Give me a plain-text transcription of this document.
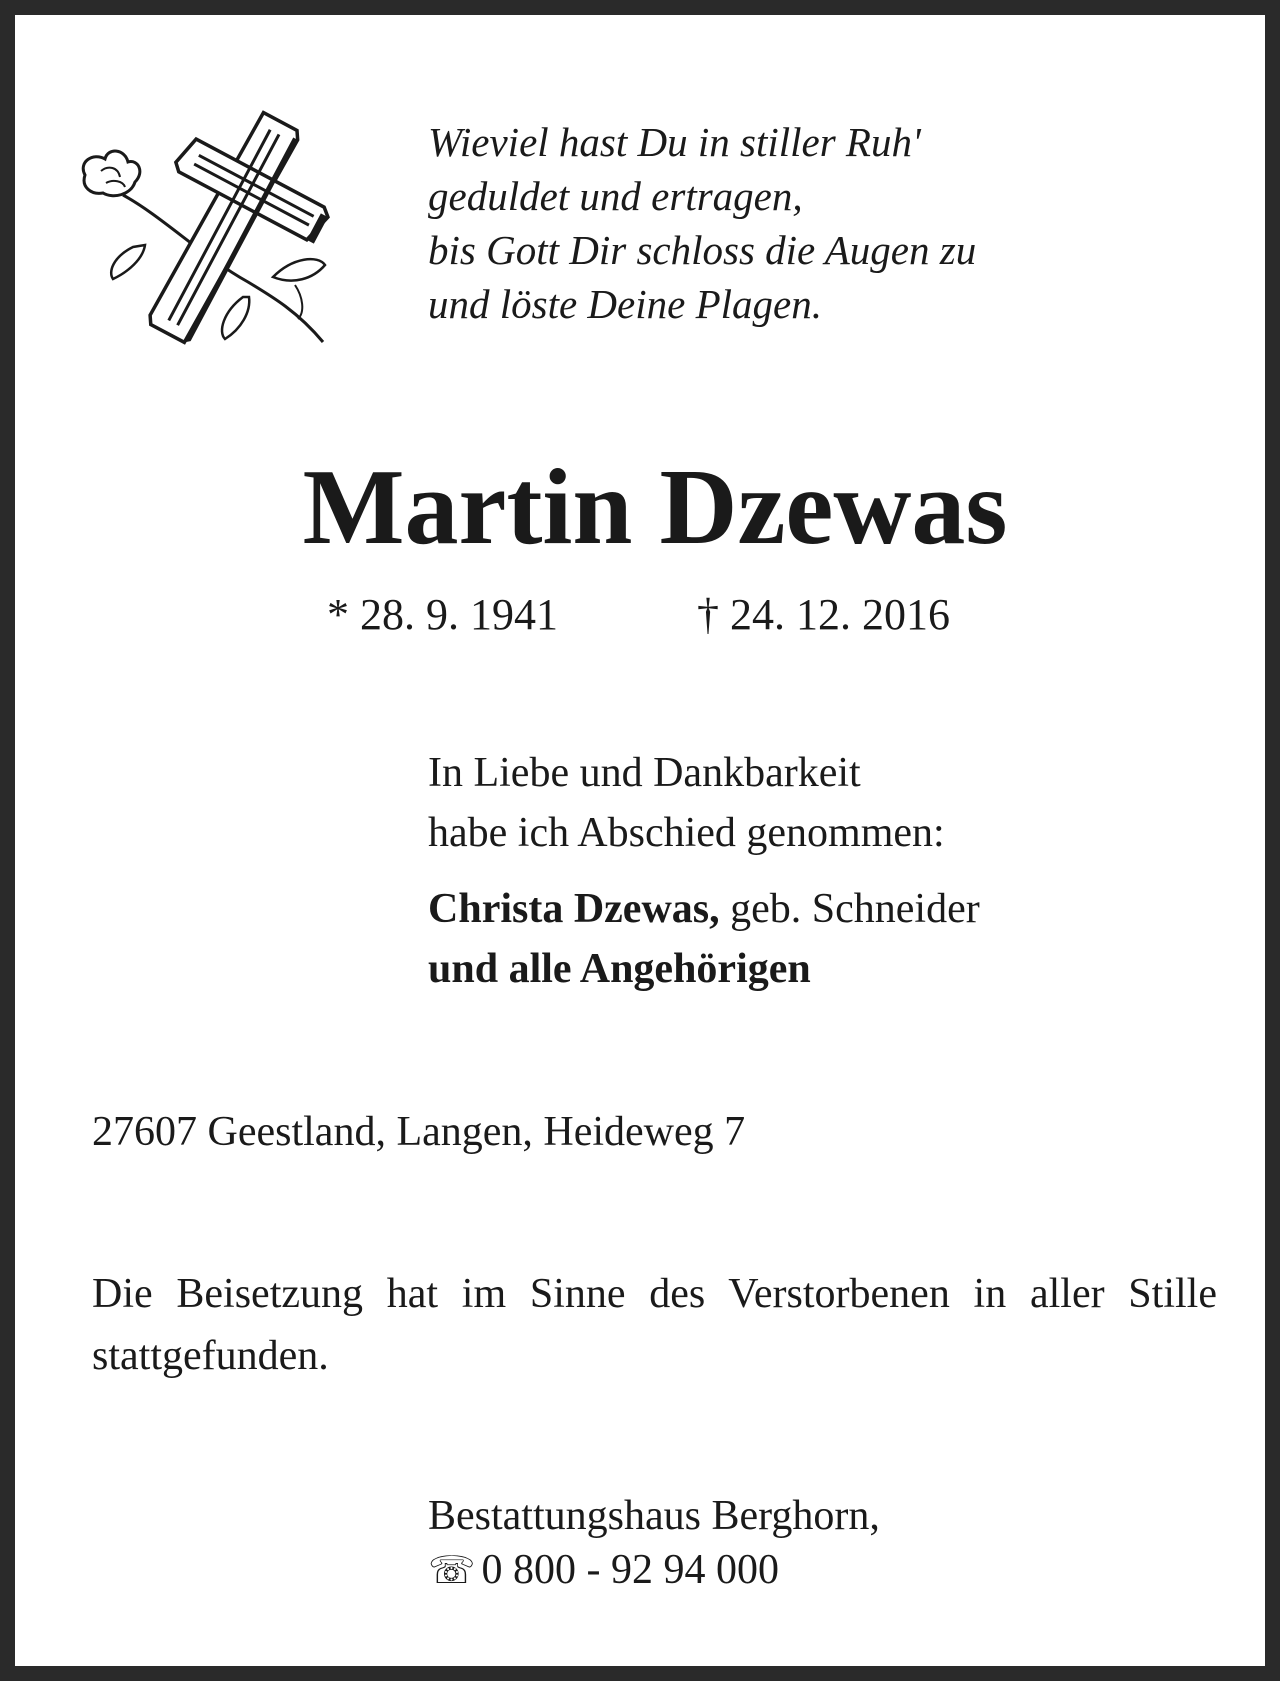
Wieviel hast Du in stiller Ruh'
geduldet und ertragen,
bis Gott Dir schloss die Augen zu
und löste Deine Plagen.
Martin Dzewas
* 28. 9. 1941	† 24. 12. 2016
In Liebe und Dankbarkeit
habe ich Abschied genommen:
Christa Dzewas, geb. Schneider
und alle Angehörigen
27607 Geestland, Langen, Heideweg 7
Die Beisetzung hat im Sinne des Verstorbenen in aller Stille stattgefunden.
Bestattungshaus Berghorn,
☏ 0 800 - 92 94 000
